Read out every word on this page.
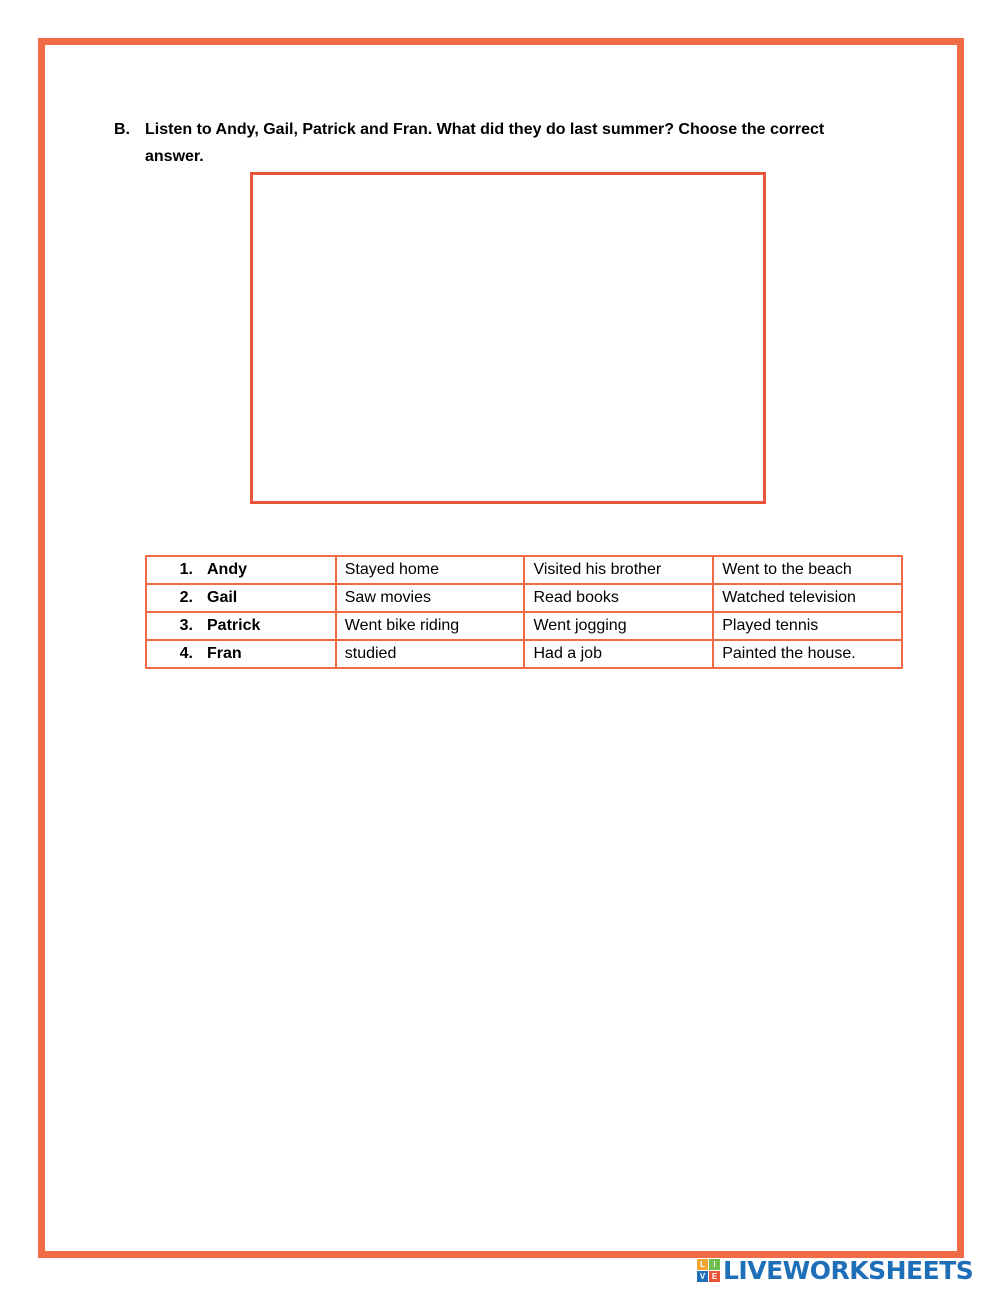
B. Listen to Andy, Gail, Patrick and Fran. What did they do last summer? Choose the correct answer.
1. Andy	Stayed home	Visited his brother	Went to the beach
2. Gail	Saw movies	Read books	Watched television
3. Patrick	Went bike riding	Went jogging	Played tennis
4. Fran	studied	Had a job	Painted the house.
L	I
V E LIVEWORKSHEETS
